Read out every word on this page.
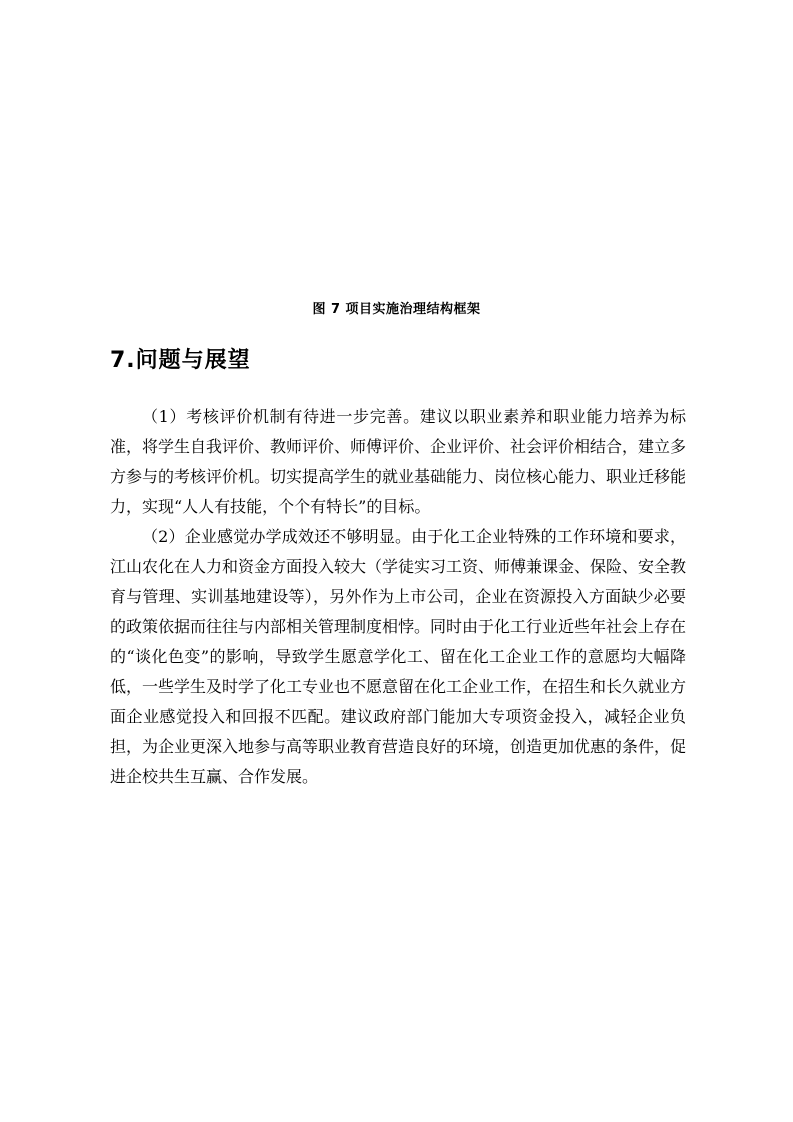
图 7 项目实施治理结构框架
7.问题与展望

（1）考核评价机制有待进一步完善。建议以职业素养和职业能力培养为标准，将学生自我评价、教师评价、师傅评价、企业评价、社会评价相结合，建立多方参与的考核评价机。切实提高学生的就业基础能力、岗位核心能力、职业迁移能力，实现“人人有技能，个个有特长”的目标。

（2）企业感觉办学成效还不够明显。由于化工企业特殊的工作环境和要求，江山农化在人力和资金方面投入较大（学徒实习工资、师傅兼课金、保险、安全教育与管理、实训基地建设等），另外作为上市公司，企业在资源投入方面缺少必要的政策依据而往往与内部相关管理制度相悖。同时由于化工行业近些年社会上存在的“谈化色变”的影响，导致学生愿意学化工、留在化工企业工作的意愿均大幅降低，一些学生及时学了化工专业也不愿意留在化工企业工作，在招生和长久就业方面企业感觉投入和回报不匹配。建议政府部门能加大专项资金投入，减轻企业负担，为企业更深入地参与高等职业教育营造良好的环境，创造更加优惠的条件，促进企校共生互赢、合作发展。
